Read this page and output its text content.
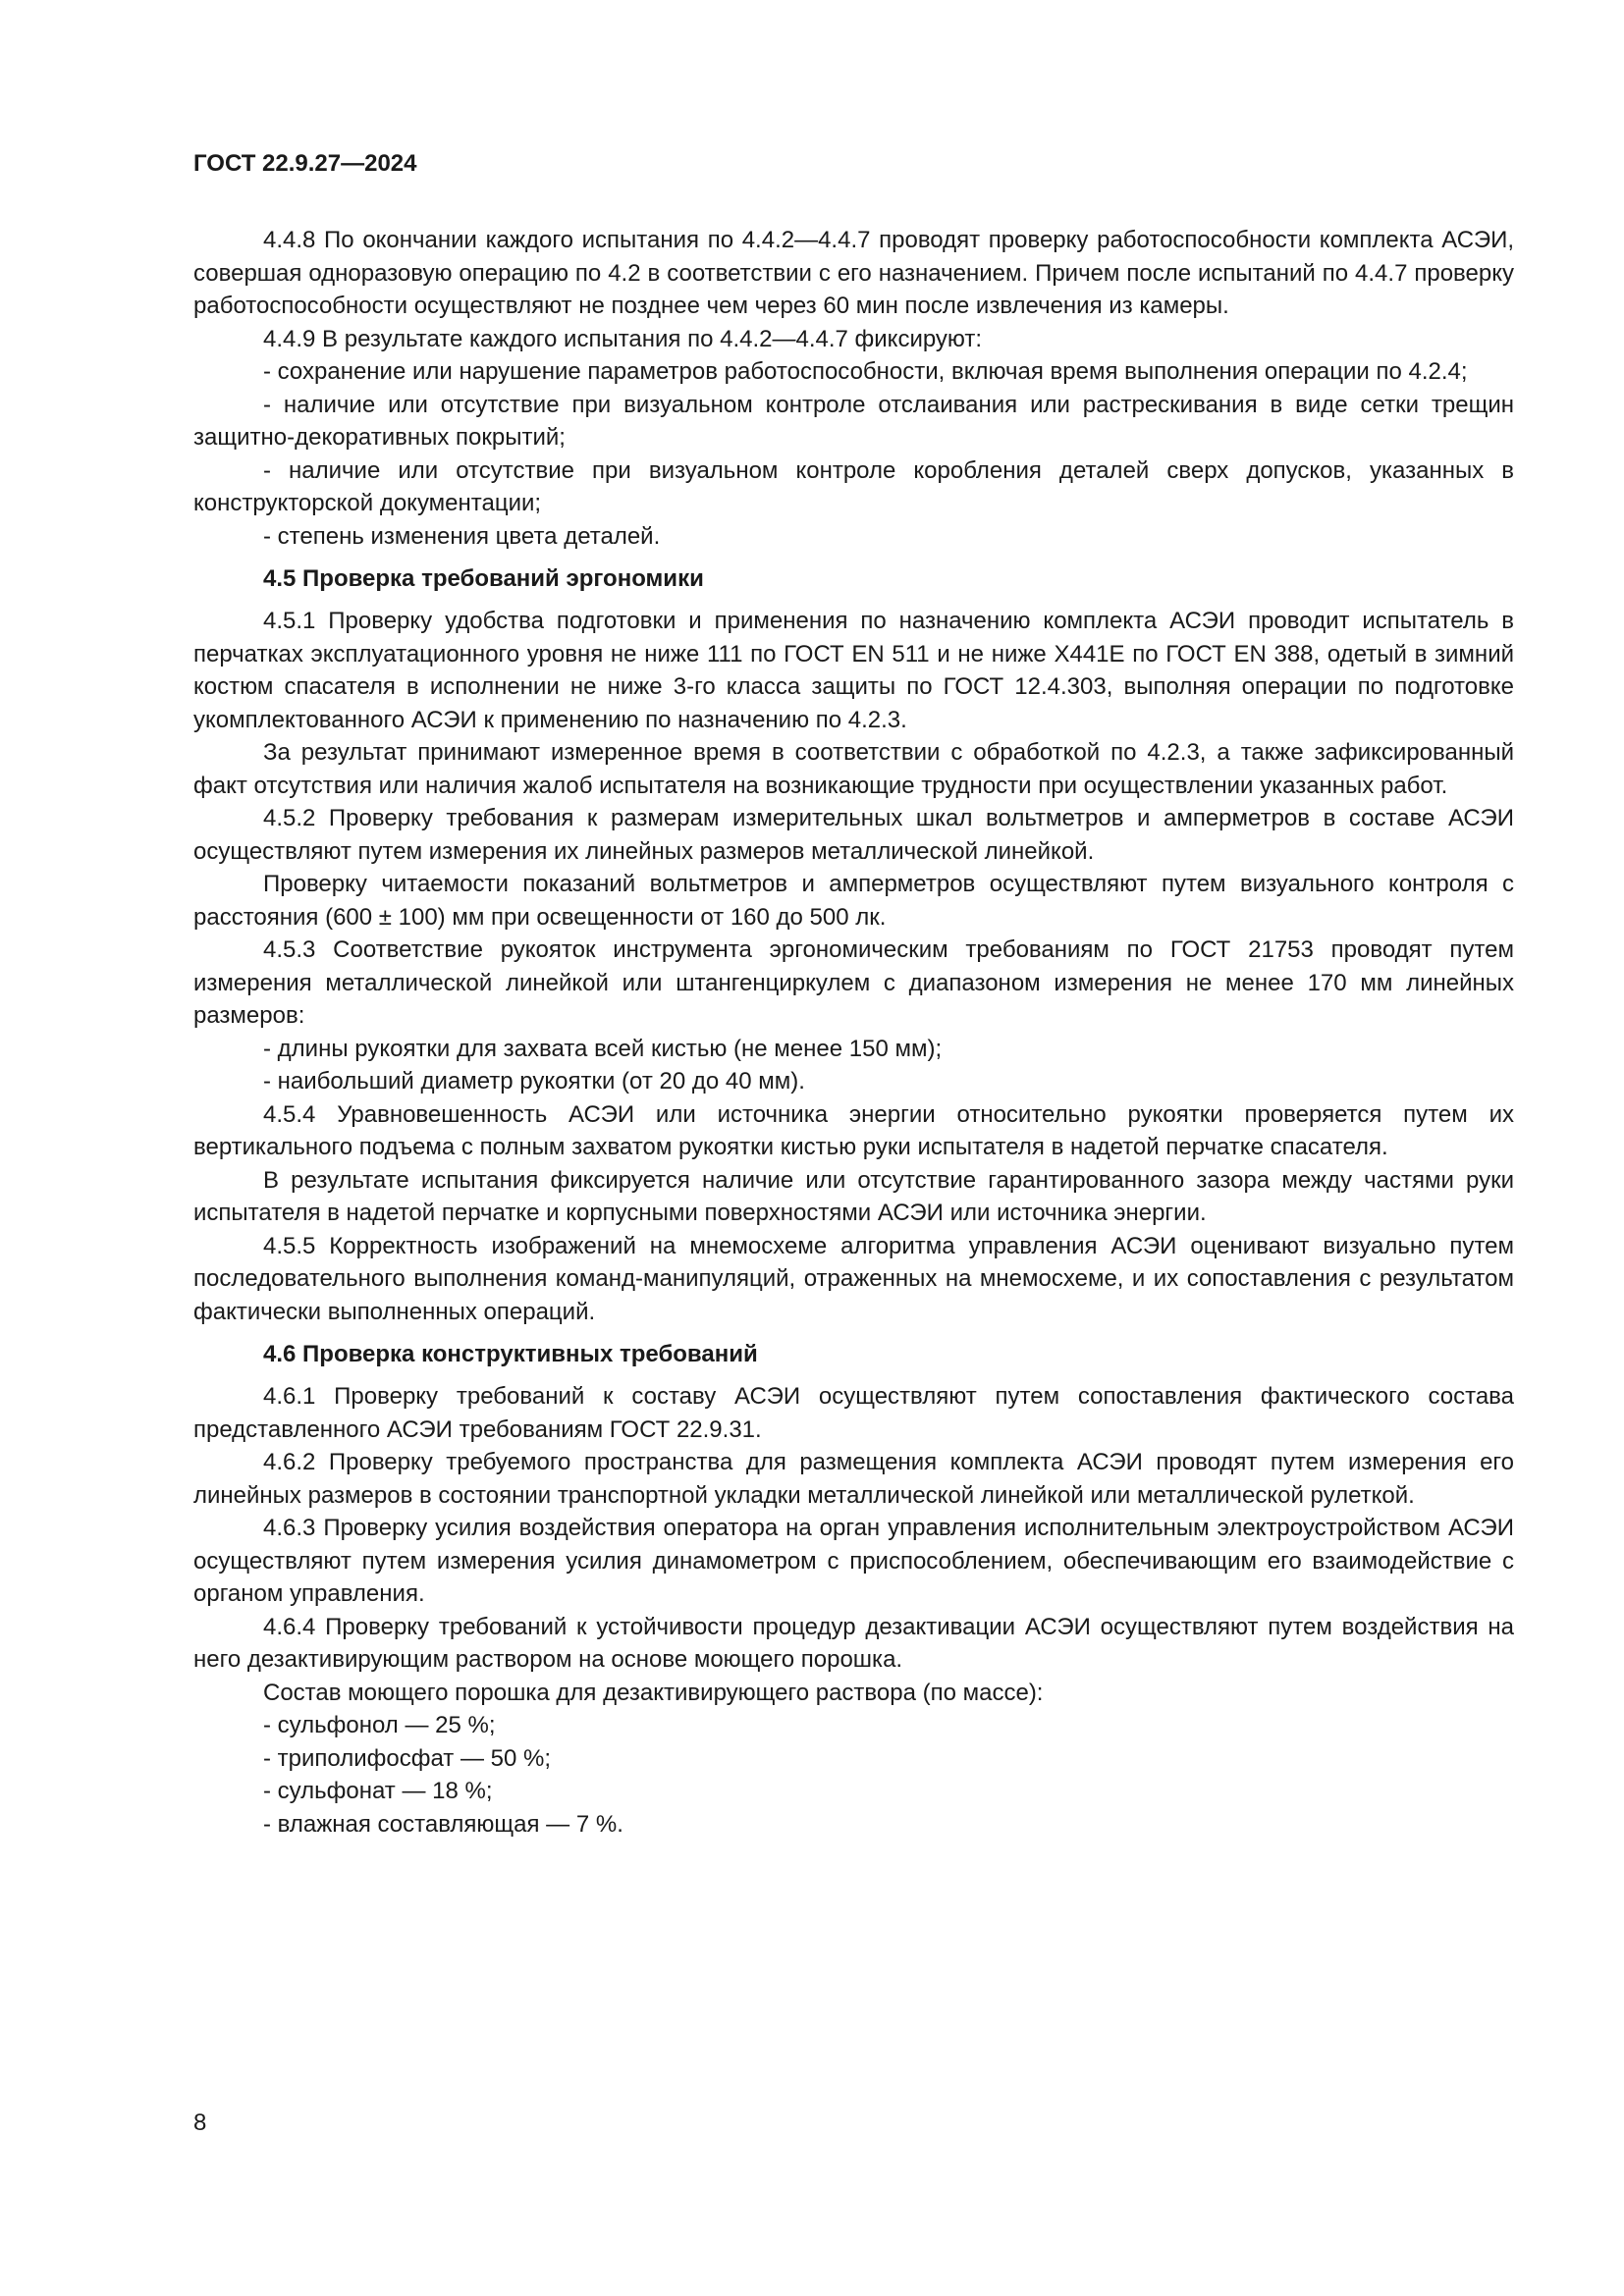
ГОСТ 22.9.27—2024

4.4.8 По окончании каждого испытания по 4.4.2—4.4.7 проводят проверку работоспособности комплекта АСЭИ, совершая одноразовую операцию по 4.2 в соответствии с его назначением. Причем после испытаний по 4.4.7 проверку работоспособности осуществляют не позднее чем через 60 мин после извлечения из камеры.

4.4.9 В результате каждого испытания по 4.4.2—4.4.7 фиксируют:

- сохранение или нарушение параметров работоспособности, включая время выполнения операции по 4.2.4;

- наличие или отсутствие при визуальном контроле отслаивания или растрескивания в виде сетки трещин защитно-декоративных покрытий;

- наличие или отсутствие при визуальном контроле коробления деталей сверх допусков, указанных в конструкторской документации;

- степень изменения цвета деталей.

4.5 Проверка требований эргономики

4.5.1 Проверку удобства подготовки и применения по назначению комплекта АСЭИ проводит испытатель в перчатках эксплуатационного уровня не ниже 111 по ГОСТ EN 511 и не ниже X441E по ГОСТ EN 388, одетый в зимний костюм спасателя в исполнении не ниже 3-го класса защиты по ГОСТ 12.4.303, выполняя операции по подготовке укомплектованного АСЭИ к применению по назначению по 4.2.3.

За результат принимают измеренное время в соответствии с обработкой по 4.2.3, а также зафиксированный факт отсутствия или наличия жалоб испытателя на возникающие трудности при осуществлении указанных работ.

4.5.2 Проверку требования к размерам измерительных шкал вольтметров и амперметров в составе АСЭИ осуществляют путем измерения их линейных размеров металлической линейкой.

Проверку читаемости показаний вольтметров и амперметров осуществляют путем визуального контроля с расстояния (600 ± 100) мм при освещенности от 160 до 500 лк.

4.5.3 Соответствие рукояток инструмента эргономическим требованиям по ГОСТ 21753 проводят путем измерения металлической линейкой или штангенциркулем с диапазоном измерения не менее 170 мм линейных размеров:

- длины рукоятки для захвата всей кистью (не менее 150 мм);

- наибольший диаметр рукоятки (от 20 до 40 мм).

4.5.4 Уравновешенность АСЭИ или источника энергии относительно рукоятки проверяется путем их вертикального подъема с полным захватом рукоятки кистью руки испытателя в надетой перчатке спасателя.

В результате испытания фиксируется наличие или отсутствие гарантированного зазора между частями руки испытателя в надетой перчатке и корпусными поверхностями АСЭИ или источника энергии.

4.5.5 Корректность изображений на мнемосхеме алгоритма управления АСЭИ оценивают визуально путем последовательного выполнения команд-манипуляций, отраженных на мнемосхеме, и их сопоставления с результатом фактически выполненных операций.

4.6 Проверка конструктивных требований

4.6.1 Проверку требований к составу АСЭИ осуществляют путем сопоставления фактического состава представленного АСЭИ требованиям ГОСТ 22.9.31.

4.6.2 Проверку требуемого пространства для размещения комплекта АСЭИ проводят путем измерения его линейных размеров в состоянии транспортной укладки металлической линейкой или металлической рулеткой.

4.6.3 Проверку усилия воздействия оператора на орган управления исполнительным электроустройством АСЭИ осуществляют путем измерения усилия динамометром с приспособлением, обеспечивающим его взаимодействие с органом управления.

4.6.4 Проверку требований к устойчивости процедур дезактивации АСЭИ осуществляют путем воздействия на него дезактивирующим раствором на основе моющего порошка.

Состав моющего порошка для дезактивирующего раствора (по массе):

- сульфонол — 25 %;

- триполифосфат — 50 %;

- сульфонат — 18 %;

- влажная составляющая — 7 %.

8
